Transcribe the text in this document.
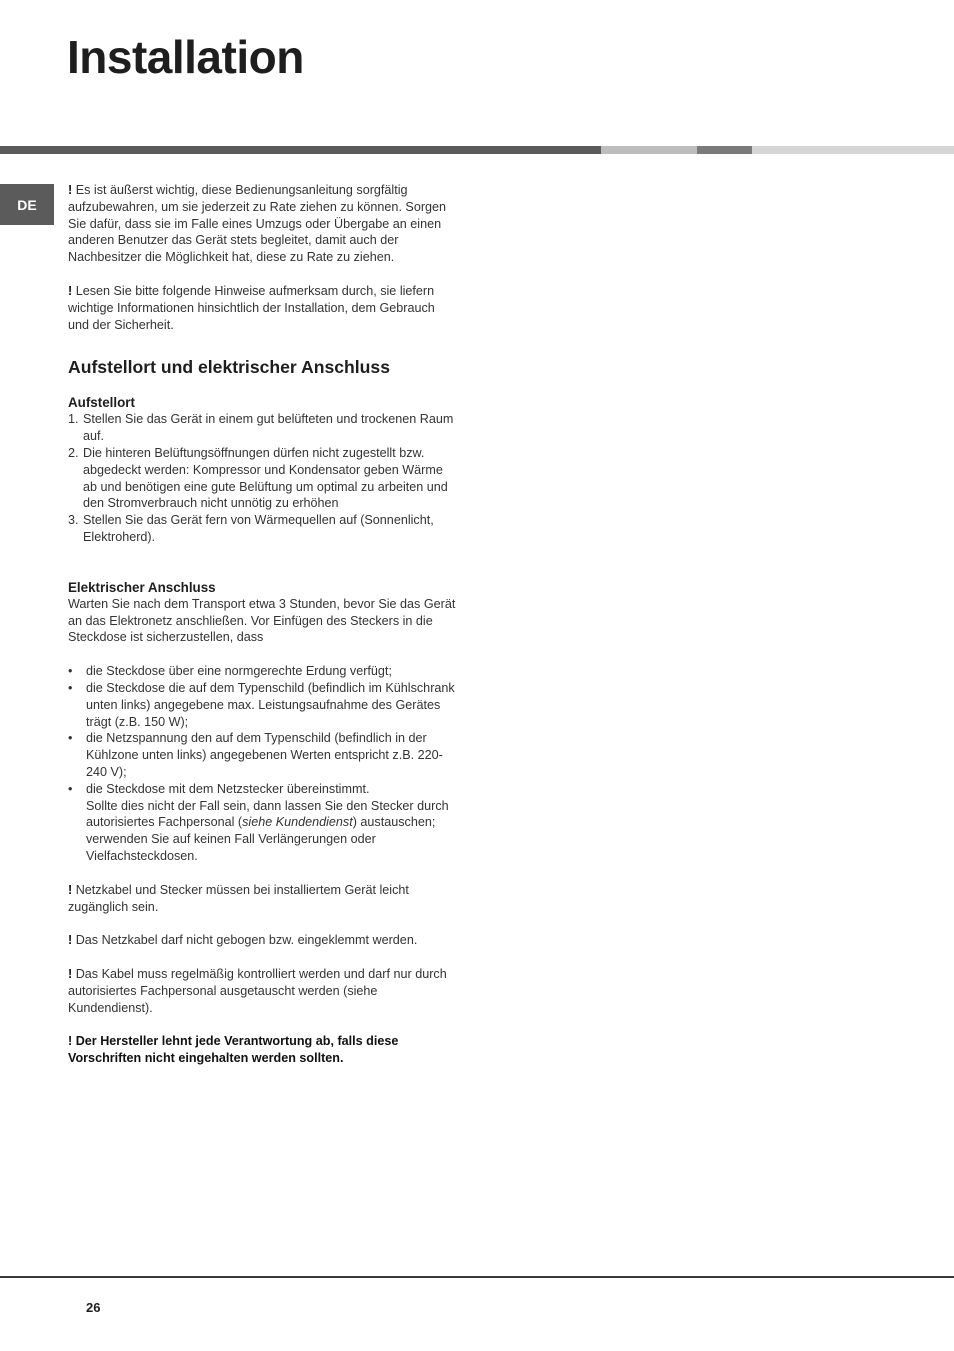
Installation
DE

! Es ist äußerst wichtig, diese Bedienungsanleitung sorgfältig aufzubewahren, um sie jederzeit zu Rate ziehen zu können. Sorgen Sie dafür, dass sie im Falle eines Umzugs oder Übergabe an einen anderen Benutzer das Gerät stets begleitet, damit auch der Nachbesitzer die Möglichkeit hat, diese zu Rate zu ziehen.

! Lesen Sie bitte folgende Hinweise aufmerksam durch, sie liefern wichtige Informationen hinsichtlich der Installation, dem Gebrauch und der Sicherheit.

Aufstellort und elektrischer Anschluss
Aufstellort
1. Stellen Sie das Gerät in einem gut belüfteten und trockenen Raum auf.
2. Die hinteren Belüftungsöffnungen dürfen nicht zugestellt bzw. abgedeckt werden: Kompressor und Kondensator geben Wärme ab und benötigen eine gute Belüftung um optimal zu arbeiten und den Stromverbrauch nicht unnötig zu erhöhen
3. Stellen Sie das Gerät fern von Wärmequellen auf (Sonnenlicht, Elektroherd).
Elektrischer Anschluss

Warten Sie nach dem Transport etwa 3 Stunden, bevor Sie das Gerät an das Elektronetz anschließen. Vor Einfügen des Steckers in die Steckdose ist sicherzustellen, dass

• die Steckdose über eine normgerechte Erdung verfügt;
• die Steckdose die auf dem Typenschild (befindlich im Kühlschrank unten links) angegebene max. Leistungsaufnahme des Gerätes trägt (z.B. 150 W);
• die Netzspannung den auf dem Typenschild (befindlich in der Kühlzone unten links) angegebenen Werten entspricht z.B. 220-240 V);
• die Steckdose mit dem Netzstecker übereinstimmt.
Sollte dies nicht der Fall sein, dann lassen Sie den Stecker durch autorisiertes Fachpersonal (siehe Kundendienst) austauschen; verwenden Sie auf keinen Fall Verlängerungen oder Vielfachsteckdosen.

! Netzkabel und Stecker müssen bei installiertem Gerät leicht zugänglich sein.

! Das Netzkabel darf nicht gebogen bzw. eingeklemmt werden.

! Das Kabel muss regelmäßig kontrolliert werden und darf nur durch autorisiertes Fachpersonal ausgetauscht werden (siehe Kundendienst).

! Der Hersteller lehnt jede Verantwortung ab, falls diese Vorschriften nicht eingehalten werden sollten.

26
